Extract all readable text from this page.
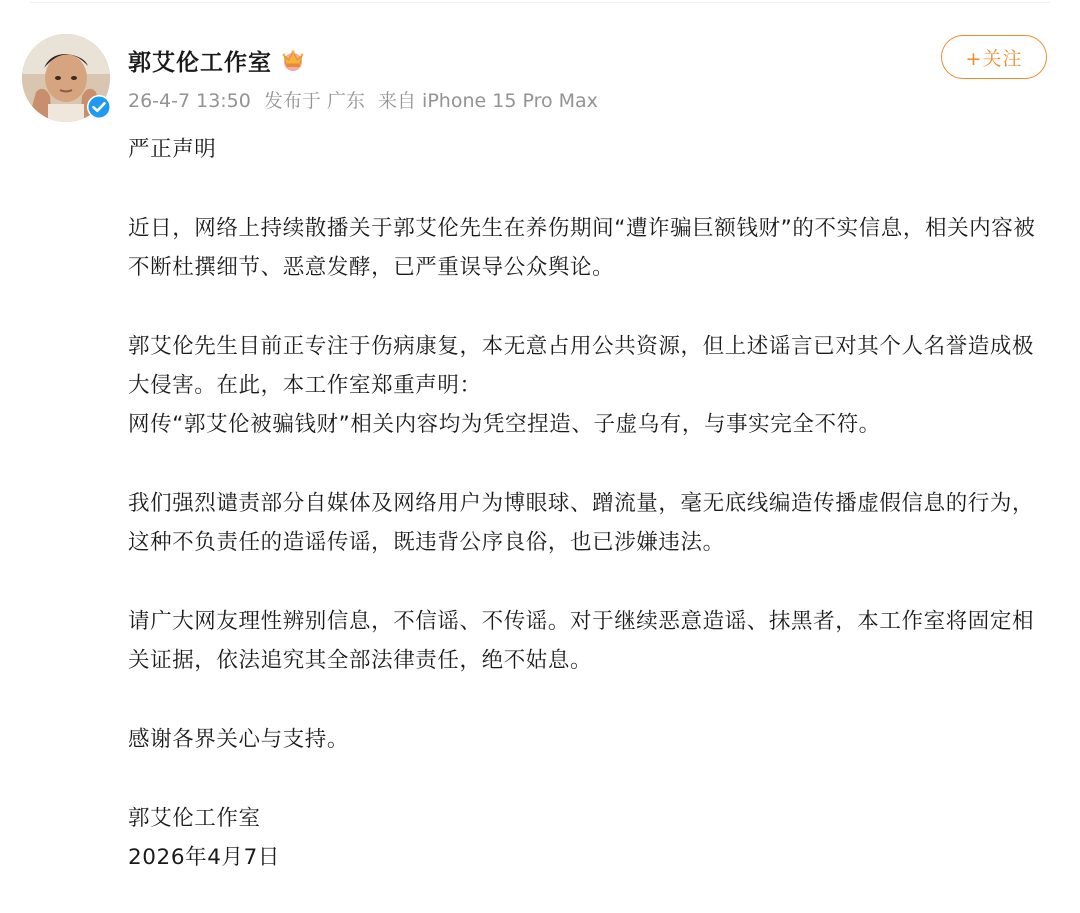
郭艾伦工作室
26-4-7 13:50 发布于 广东 来自 iPhone 15 Pro Max
+关注

严正声明

近日，网络上持续散播关于郭艾伦先生在养伤期间“遭诈骗巨额钱财”的不实信息，相关内容被不断杜撰细节、恶意发酵，已严重误导公众舆论。

郭艾伦先生目前正专注于伤病康复，本无意占用公共资源，但上述谣言已对其个人名誉造成极大侵害。在此，本工作室郑重声明：

网传“郭艾伦被骗钱财”相关内容均为凭空捏造、子虚乌有，与事实完全不符。

我们强烈谴责部分自媒体及网络用户为博眼球、蹭流量，毫无底线编造传播虚假信息的行为，这种不负责任的造谣传谣，既违背公序良俗，也已涉嫌违法。

请广大网友理性辨别信息，不信谣、不传谣。对于继续恶意造谣、抹黑者，本工作室将固定相关证据，依法追究其全部法律责任，绝不姑息。

感谢各界关心与支持。

郭艾伦工作室

2026年4月7日
